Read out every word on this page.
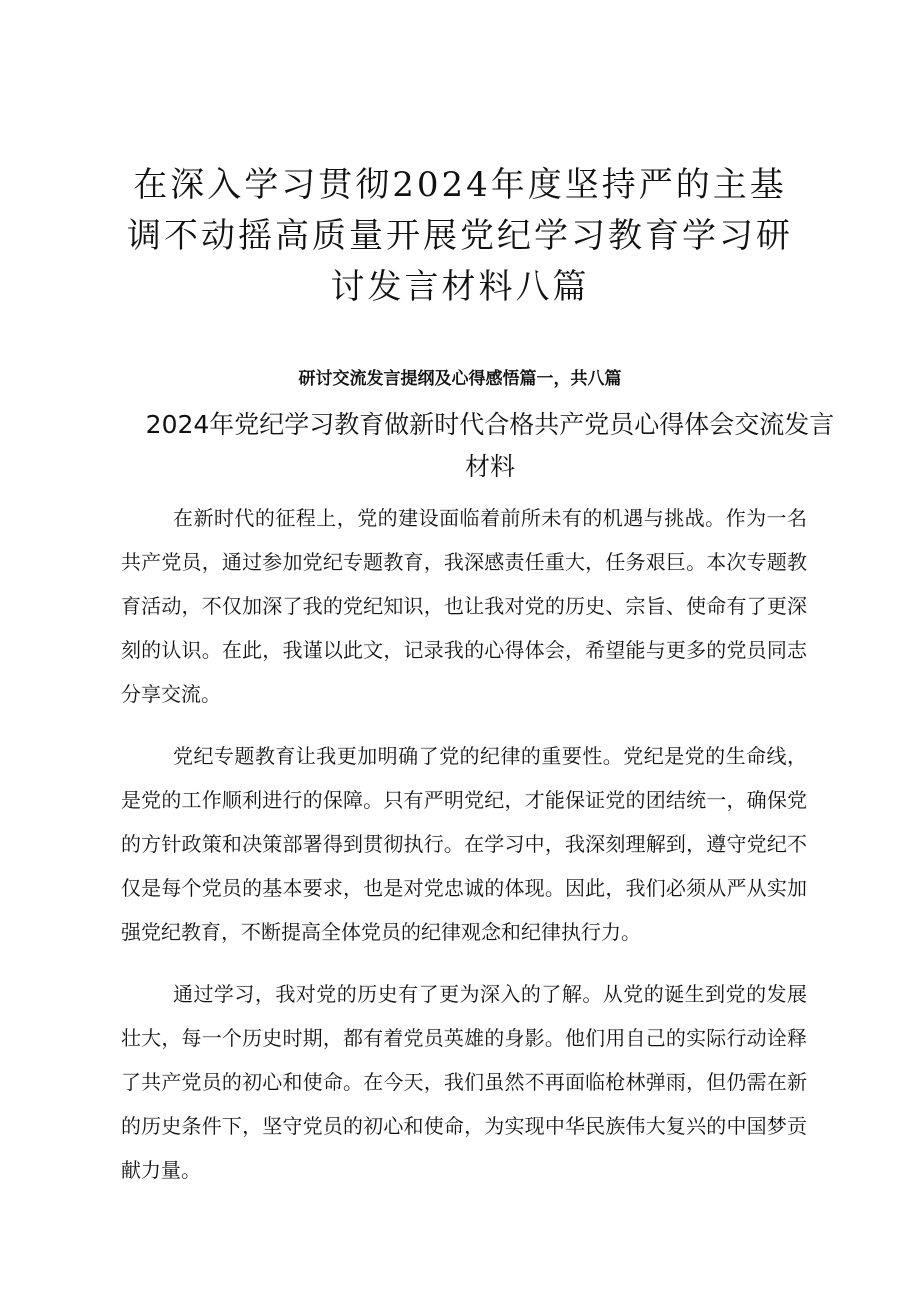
在深入学习贯彻2024年度坚持严的主基调不动摇高质量开展党纪学习教育学习研讨发言材料八篇
研讨交流发言提纲及心得感悟篇一，共八篇
2024年党纪学习教育做新时代合格共产党员心得体会交流发言材料

在新时代的征程上，党的建设面临着前所未有的机遇与挑战。作为一名共产党员，通过参加党纪专题教育，我深感责任重大，任务艰巨。本次专题教育活动，不仅加深了我的党纪知识，也让我对党的历史、宗旨、使命有了更深刻的认识。在此，我谨以此文，记录我的心得体会，希望能与更多的党员同志分享交流。

党纪专题教育让我更加明确了党的纪律的重要性。党纪是党的生命线，是党的工作顺利进行的保障。只有严明党纪，才能保证党的团结统一，确保党的方针政策和决策部署得到贯彻执行。在学习中，我深刻理解到，遵守党纪不仅是每个党员的基本要求，也是对党忠诚的体现。因此，我们必须从严从实加强党纪教育，不断提高全体党员的纪律观念和纪律执行力。

通过学习，我对党的历史有了更为深入的了解。从党的诞生到党的发展壮大，每一个历史时期，都有着党员英雄的身影。他们用自己的实际行动诠释了共产党员的初心和使命。在今天，我们虽然不再面临枪林弹雨，但仍需在新的历史条件下，坚守党员的初心和使命，为实现中华民族伟大复兴的中国梦贡献力量。
